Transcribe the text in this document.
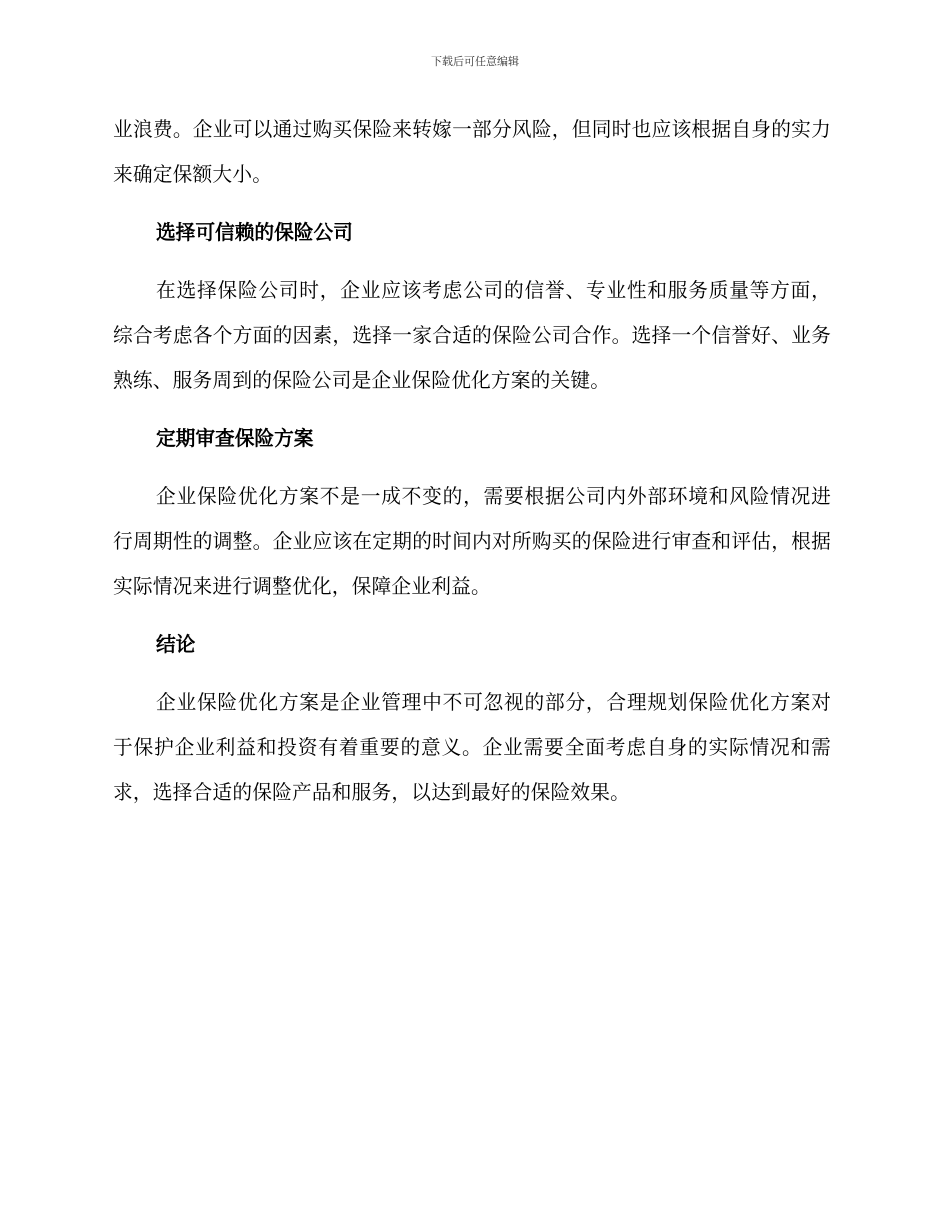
下载后可任意编辑

业浪费。企业可以通过购买保险来转嫁一部分风险，但同时也应该根据自身的实力来确定保额大小。

选择可信赖的保险公司

在选择保险公司时，企业应该考虑公司的信誉、专业性和服务质量等方面，综合考虑各个方面的因素，选择一家合适的保险公司合作。选择一个信誉好、业务熟练、服务周到的保险公司是企业保险优化方案的关键。

定期审查保险方案

企业保险优化方案不是一成不变的，需要根据公司内外部环境和风险情况进行周期性的调整。企业应该在定期的时间内对所购买的保险进行审查和评估，根据实际情况来进行调整优化，保障企业利益。

结论

企业保险优化方案是企业管理中不可忽视的部分，合理规划保险优化方案对于保护企业利益和投资有着重要的意义。企业需要全面考虑自身的实际情况和需求，选择合适的保险产品和服务，以达到最好的保险效果。
